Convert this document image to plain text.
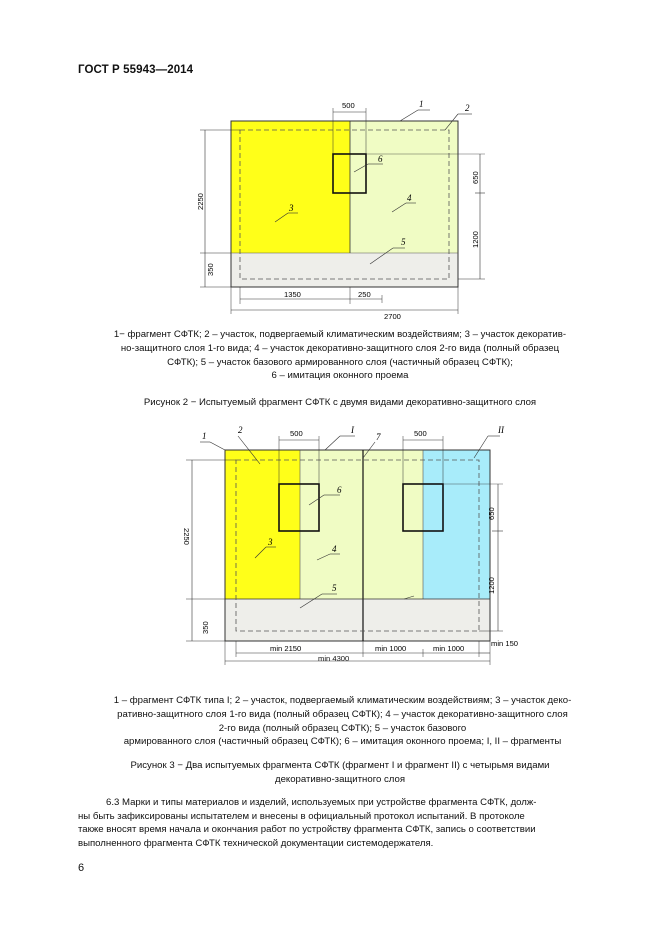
ГОСТ Р 55943—2014
500	1	2
6
3
4
5
650
1200
2250
350
1350	250
2700
1− фрагмент СФТК; 2 – участок, подвергаемый климатическим воздействиям; 3 – участок декоратив-
но-защитного слоя 1-го вида; 4 – участок декоративно-защитного слоя 2-го вида (полный образец
СФТК); 5 – участок базового армированного слоя (частичный образец СФТК);
6 – имитация оконного проема
Рисунок 2 − Испытуемый фрагмент СФТК с двумя видами декоративно-защитного слоя
500	500
1
2	I
7
II
6
3
4
5
650
1200
2250
350
min 2150	min 1000	min 1000
min 150
min 4300
1 – фрагмент СФТК типа I; 2 – участок, подвергаемый климатическим воздействиям; 3 – участок деко-
ративно-защитного слоя 1-го вида (полный образец СФТК); 4 – участок декоративно-защитного слоя
2-го вида (полный образец СФТК); 5 – участок базового
армированного слоя (частичный образец СФТК); 6 – имитация оконного проема; I, II – фрагменты
Рисунок 3 − Два испытуемых фрагмента СФТК (фрагмент I и фрагмент II) с четырьмя видами
декоративно-защитного слоя
6.3 Марки и типы материалов и изделий, используемых при устройстве фрагмента СФТК, долж-
ны быть зафиксированы испытателем и внесены в официальный протокол испытаний. В протоколе
также вносят время начала и окончания работ по устройству фрагмента СФТК, запись о соответствии
выполненного фрагмента СФТК технической документации системодержателя.
6
